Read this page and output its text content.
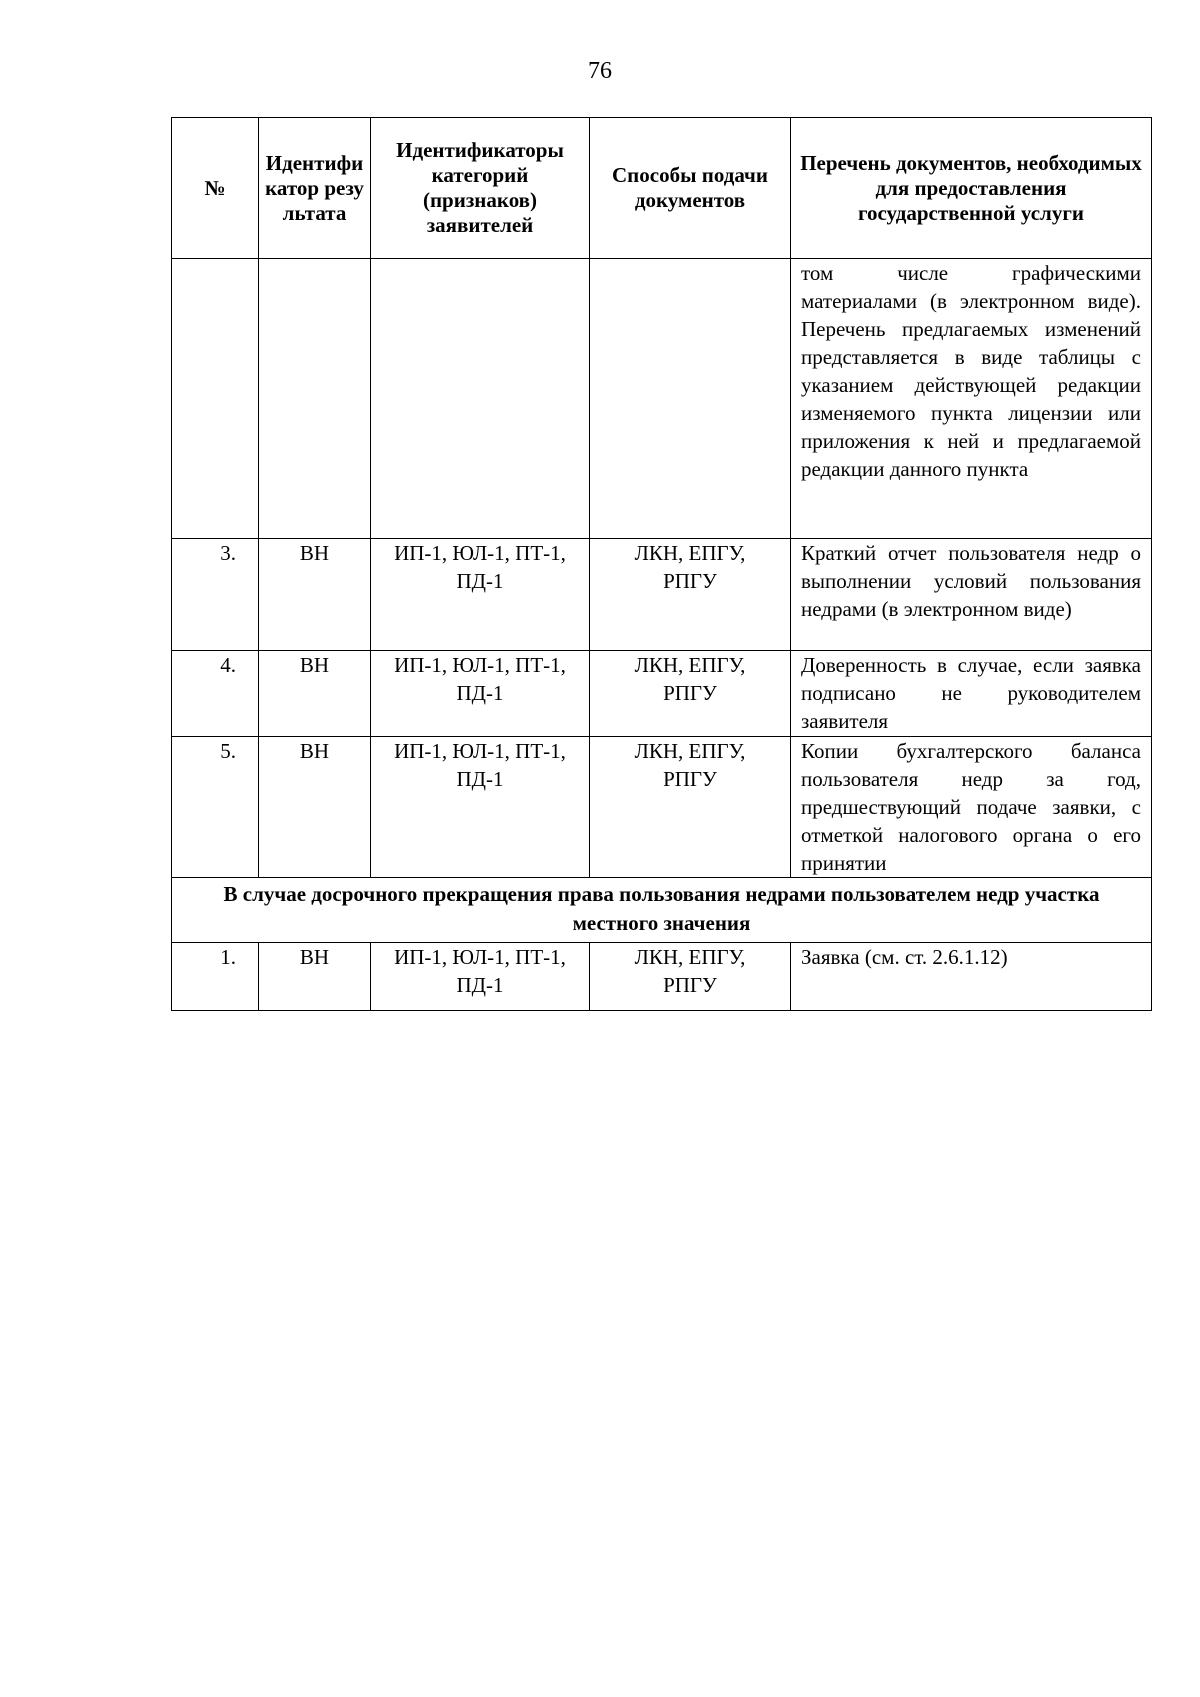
76
№	Идентификатор результата	Идентификаторы категорий (признаков) заявителей	Способы подачи документов	Перечень документов, необходимых для предоставления государственной услуги
				том числе графическими материалами (в электронном виде). Перечень предлагаемых изменений представляется в виде таблицы с указанием действующей редакции изменяемого пункта лицензии или приложения к ней и предлагаемой редакции данного пункта
3.	ВН	ИП-1, ЮЛ-1, ПТ-1, ПД-1	ЛКН, ЕПГУ, РПГУ	Краткий отчет пользователя недр о выполнении условий пользования недрами (в электронном виде)
4.	ВН	ИП-1, ЮЛ-1, ПТ-1, ПД-1	ЛКН, ЕПГУ, РПГУ	Доверенность в случае, если заявка подписано не руководителем заявителя
5.	ВН	ИП-1, ЮЛ-1, ПТ-1, ПД-1	ЛКН, ЕПГУ, РПГУ	Копии бухгалтерского баланса пользователя недр за год, предшествующий подаче заявки, с отметкой налогового органа о его принятии

В случае досрочного прекращения права пользования недрами пользователем недр участка местного значения				

1.	ВН	ИП-1, ЮЛ-1, ПТ-1, ПД-1	ЛКН, ЕПГУ, РПГУ	Заявка (см. ст. 2.6.1.12)
